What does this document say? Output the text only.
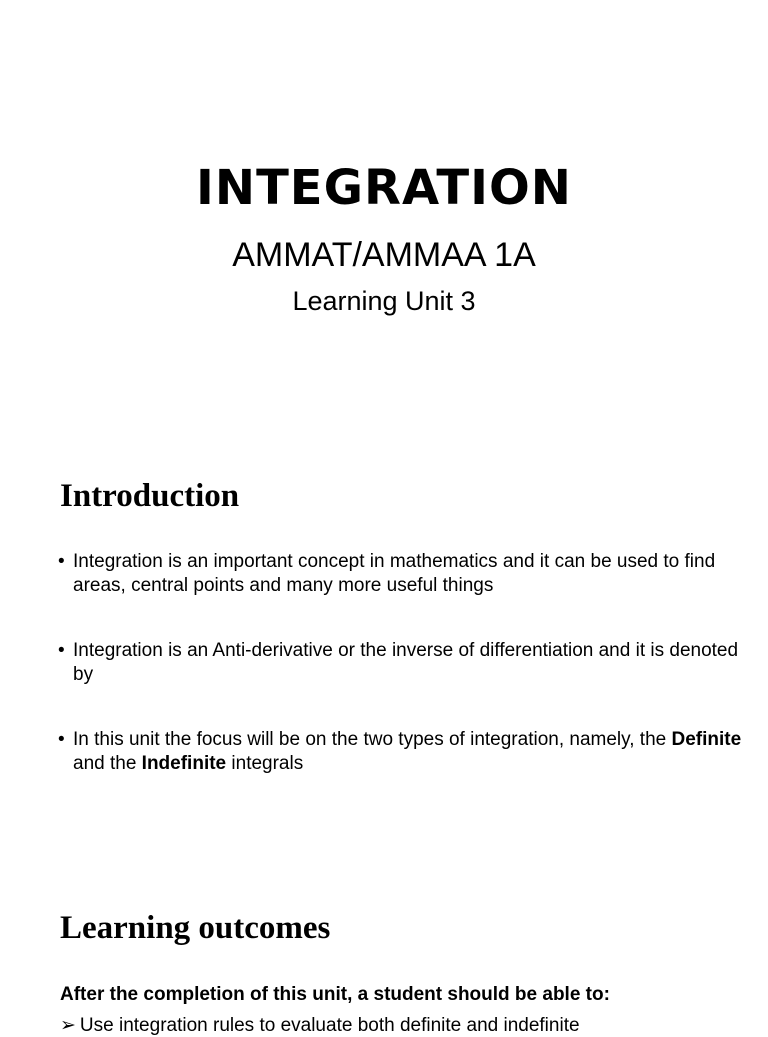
INTEGRATION

AMMAT/AMMAA 1A

Learning Unit 3

Introduction
• Integration is an important concept in mathematics and it can be used to find areas, central points and many more useful things
• Integration is an Anti-derivative or the inverse of differentiation and it is denoted by
• In this unit the focus will be on the two types of integration, namely, the Definite and the Indefinite integrals
Learning outcomes

After the completion of this unit, a student should be able to:

➢ Use integration rules to evaluate both definite and indefinite
